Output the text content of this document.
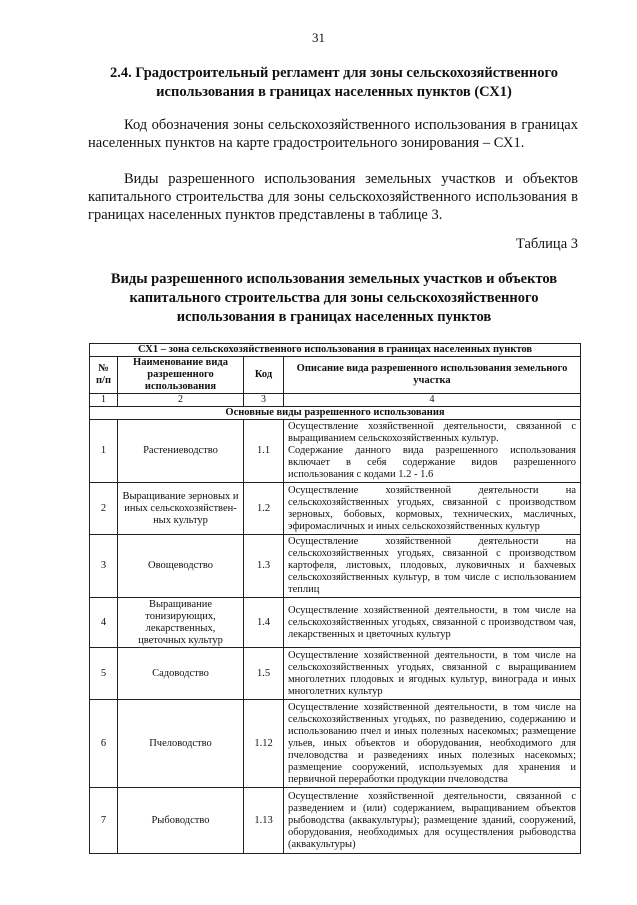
31
2.4. Градостроительный регламент для зоны сельскохозяйственного использования в границах населенных пунктов (СХ1)
Код обозначения зоны сельскохозяйственного использования в границах населенных пунктов на карте градостроительного зонирования – СХ1.
Виды разрешенного использования земельных участков и объектов капитального строительства для зоны сельскохозяйственного использования в границах населенных пунктов представлены в таблице 3.
Таблица 3
Виды разрешенного использования земельных участков и объектов капитального строительства для зоны сельскохозяйственного использования в границах населенных пунктов
СХ1 – зона сельскохозяйственного использования в границах населенных пунктов			
№ п/п	Наименование вида разрешенного использования	Код	Описание вида разрешенного использования земельного участка
1	2	3	4
Основные виды разрешенного использования			
1	Растениеводство	1.1	Осуществление хозяйственной деятельности, связанной с выращиванием сельскохозяйственных культур.
Содержание данного вида разрешенного использования включает в себя содержание видов разрешенного использования с кодами 1.2 - 1.6

2	Выращивание зерновых и иных сельскохозяйствен-ных культур	1.2	Осуществление хозяйственной деятельности на сельскохозяйственных угодьях, связанной с производством зерновых, бобовых, кормовых, технических, масличных, эфиромасличных и иных сельскохозяйственных культур
3	Овощеводство	1.3	Осуществление хозяйственной деятельности на сельскохозяйственных угодьях, связанной с производством картофеля, листовых, плодовых, луковичных и бахчевых сельскохозяйственных культур, в том числе с использованием теплиц
4	Выращивание тонизирующих, лекарственных, цветочных культур	1.4	Осуществление хозяйственной деятельности, в том числе на сельскохозяйственных угодьях, связанной с производством чая, лекарственных и цветочных культур
5	Садоводство	1.5	Осуществление хозяйственной деятельности, в том числе на сельскохозяйственных угодьях, связанной с выращиванием многолетних плодовых и ягодных культур, винограда и иных многолетних культур
6	Пчеловодство	1.12	Осуществление хозяйственной деятельности, в том числе на сельскохозяйственных угодьях, по разведению, содержанию и использованию пчел и иных полезных насекомых; размещение ульев, иных объектов и оборудования, необходимого для пчеловодства и разведениях иных полезных насекомых; размещение сооружений, используемых для хранения и первичной переработки продукции пчеловодства
7	Рыбоводство	1.13	Осуществление хозяйственной деятельности, связанной с разведением и (или) содержанием, выращиванием объектов рыбоводства (аквакультуры); размещение зданий, сооружений, оборудования, необходимых для осуществления рыбоводства (аквакультуры)
